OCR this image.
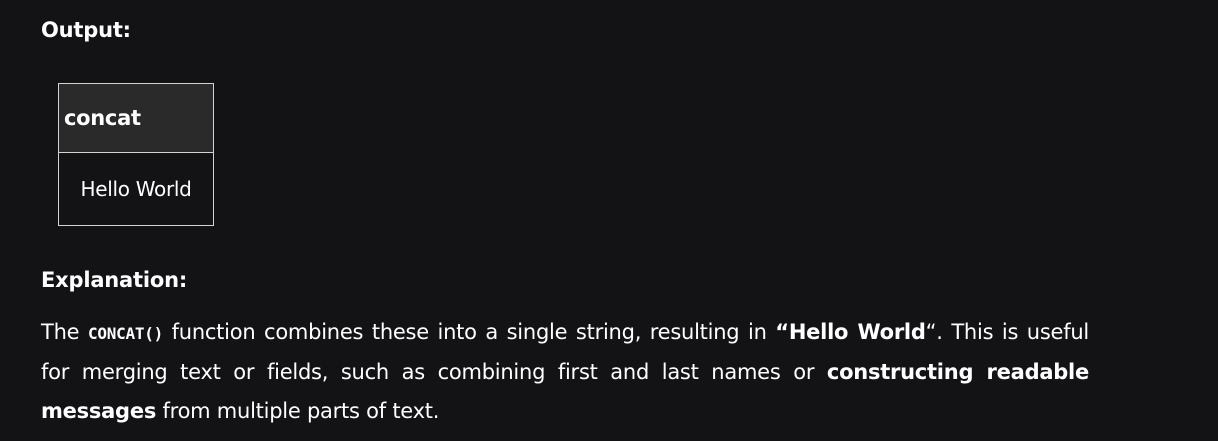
Output:
concat
Hello World
Explanation:

The CONCAT() function combines these into a single string, resulting in “Hello World“. This is useful for merging text or fields, such as combining first and last names or constructing readable messages from multiple parts of text.
